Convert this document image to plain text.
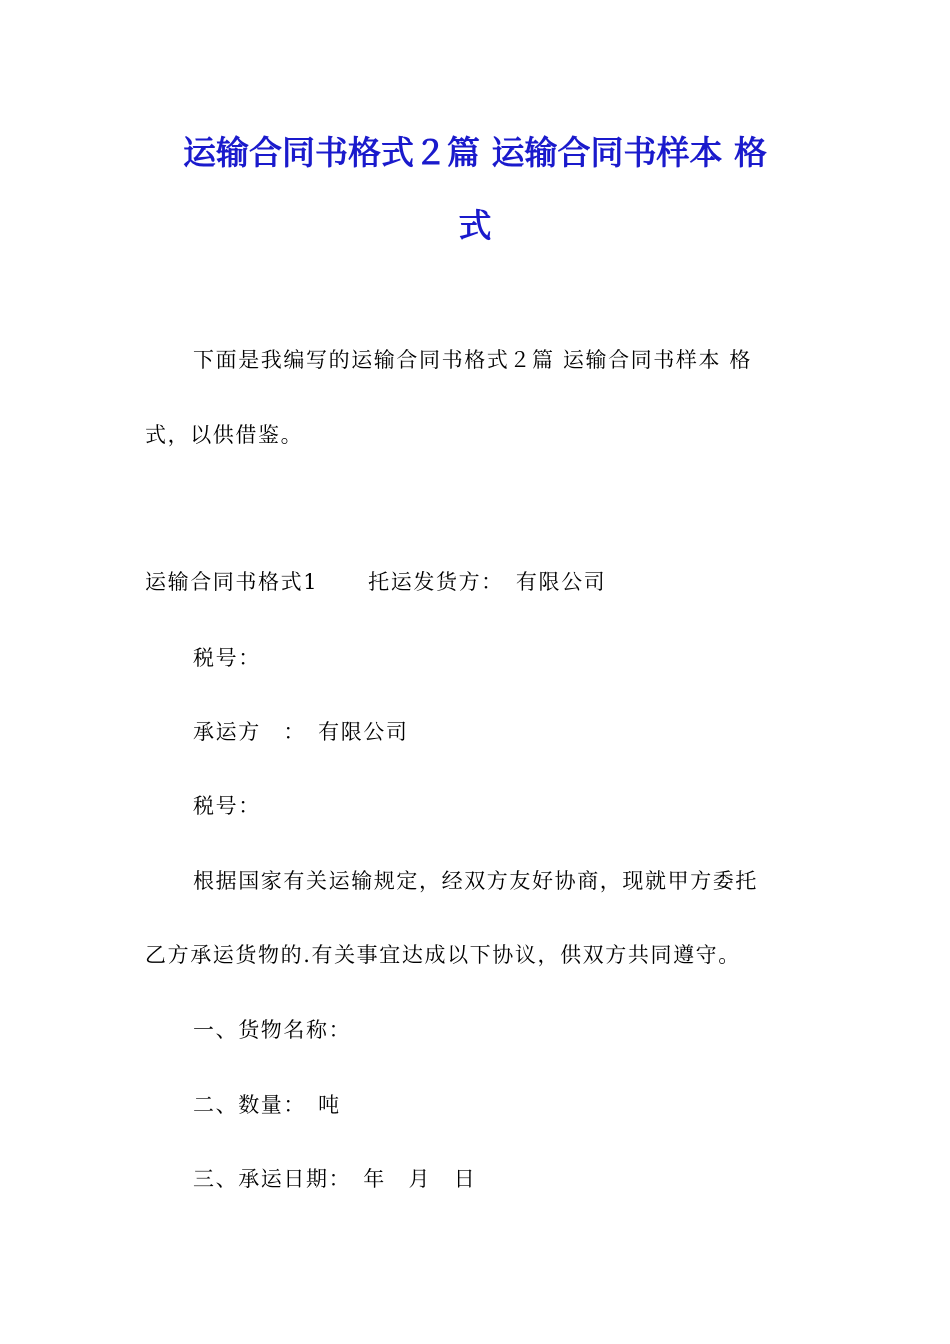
运输合同书格式２篇 运输合同书样本 格
式

下面是我编写的运输合同书格式２篇 运输合同书样本 格

式，以供借鉴。

运输合同书格式1 托运发货方：　有限公司

税号：

承运方　：　有限公司

税号：

根据国家有关运输规定，经双方友好协商，现就甲方委托

乙方承运货物的.有关事宜达成以下协议，供双方共同遵守。

一、货物名称：

二、数量：　吨

三、承运日期：　年　月　日
